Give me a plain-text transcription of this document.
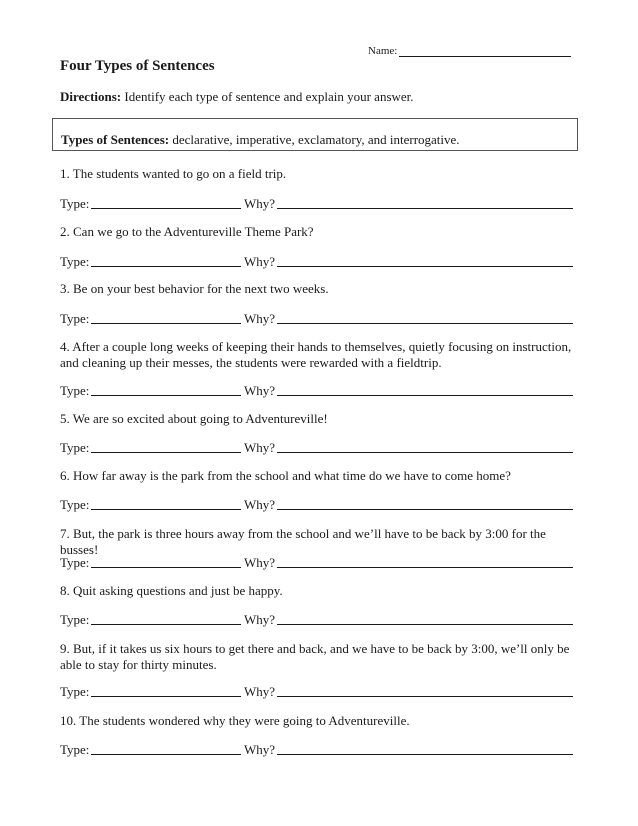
Name:
Four Types of Sentences
Directions: Identify each type of sentence and explain your answer.
Types of Sentences: declarative, imperative, exclamatory, and interrogative.
1. The students wanted to go on a field trip.
Type:	Why?
2. Can we go to the Adventureville Theme Park?
Type:	Why?
3. Be on your best behavior for the next two weeks.
Type:	Why?
4. After a couple long weeks of keeping their hands to themselves, quietly focusing on instruction, and cleaning up their messes, the students were rewarded with a fieldtrip.
Type:	Why?
5. We are so excited about going to Adventureville!
Type:	Why?
6. How far away is the park from the school and what time do we have to come home?
Type:	Why?
7. But, the park is three hours away from the school and we’ll have to be back by 3:00 for the busses!
Type:	Why?
8. Quit asking questions and just be happy.
Type:	Why?
9. But, if it takes us six hours to get there and back, and we have to be back by 3:00, we’ll only be able to stay for thirty minutes.
Type:	Why?
10. The students wondered why they were going to Adventureville.
Type:	Why?
